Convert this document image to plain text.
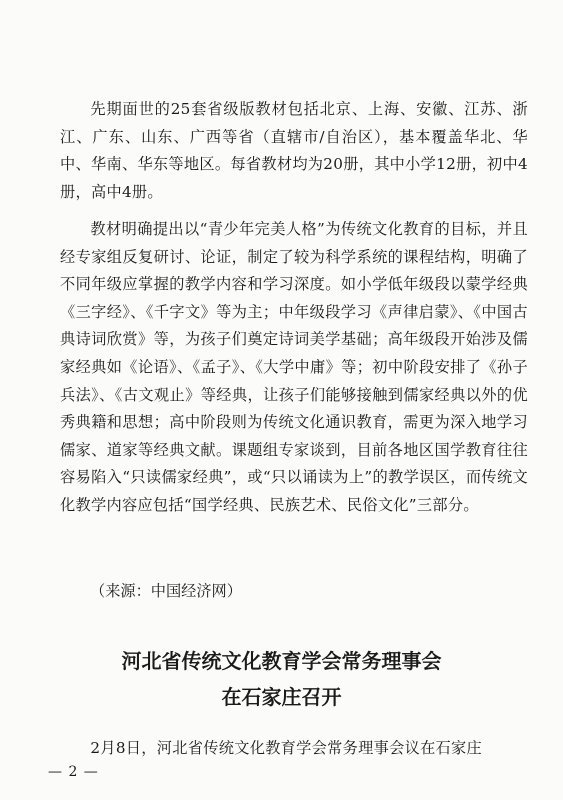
先期面世的25套省级版教材包括北京、上海、安徽、江苏、浙江、广东、山东、广西等省（直辖市/自治区），基本覆盖华北、华中、华南、华东等地区。每省教材均为20册，其中小学12册，初中4册，高中4册。

教材明确提出以“青少年完美人格”为传统文化教育的目标，并且经专家组反复研讨、论证，制定了较为科学系统的课程结构，明确了不同年级应掌握的教学内容和学习深度。如小学低年级段以蒙学经典《三字经》、《千字文》等为主；中年级段学习《声律启蒙》、《中国古典诗词欣赏》等，为孩子们奠定诗词美学基础；高年级段开始涉及儒家经典如《论语》、《孟子》、《大学中庸》等；初中阶段安排了《孙子兵法》、《古文观止》等经典，让孩子们能够接触到儒家经典以外的优秀典籍和思想；高中阶段则为传统文化通识教育，需更为深入地学习儒家、道家等经典文献。课题组专家谈到，目前各地区国学教育往往容易陷入“只读儒家经典”，或“只以诵读为上”的教学误区，而传统文化教学内容应包括“国学经典、民族艺术、民俗文化”三部分。

（来源：中国经济网）

河北省传统文化教育学会常务理事会
在石家庄召开

2月8日，河北省传统文化教育学会常务理事会议在石家庄

— 2 —
